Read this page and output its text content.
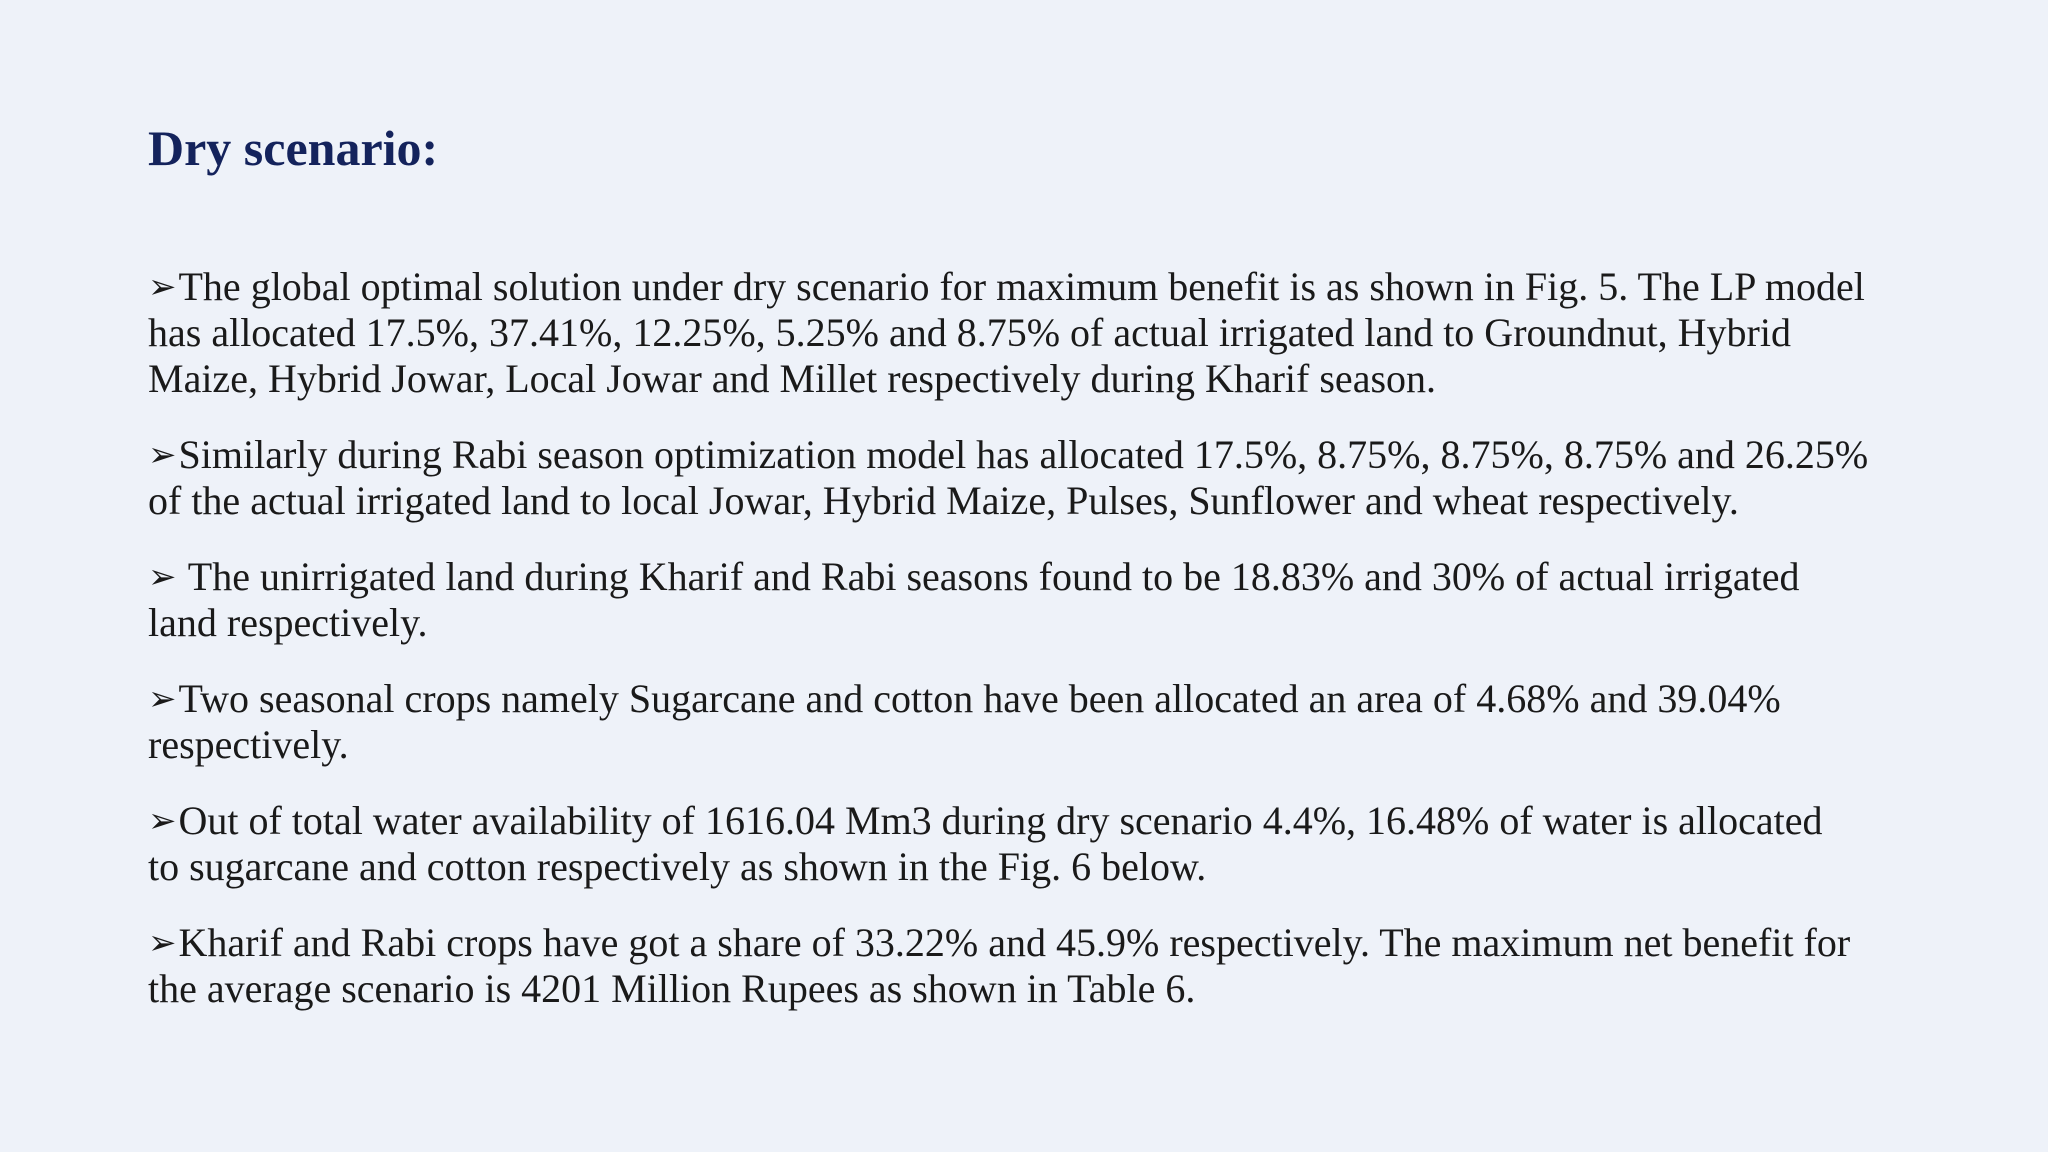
Dry scenario:
➢The global optimal solution under dry scenario for maximum benefit is as shown in Fig. 5. The LP model has allocated 17.5%, 37.41%, 12.25%, 5.25% and 8.75% of actual irrigated land to Groundnut, Hybrid Maize, Hybrid Jowar, Local Jowar and Millet respectively during Kharif season.
➢Similarly during Rabi season optimization model has allocated 17.5%, 8.75%, 8.75%, 8.75% and 26.25% of the actual irrigated land to local Jowar, Hybrid Maize, Pulses, Sunflower and wheat respectively.
➢ The unirrigated land during Kharif and Rabi seasons found to be 18.83% and 30% of actual irrigated land respectively.
➢Two seasonal crops namely Sugarcane and cotton have been allocated an area of 4.68% and 39.04% respectively.
➢Out of total water availability of 1616.04 Mm3 during dry scenario 4.4%, 16.48% of water is allocated to sugarcane and cotton respectively as shown in the Fig. 6 below.
➢Kharif and Rabi crops have got a share of 33.22% and 45.9% respectively. The maximum net benefit for the average scenario is 4201 Million Rupees as shown in Table 6.
